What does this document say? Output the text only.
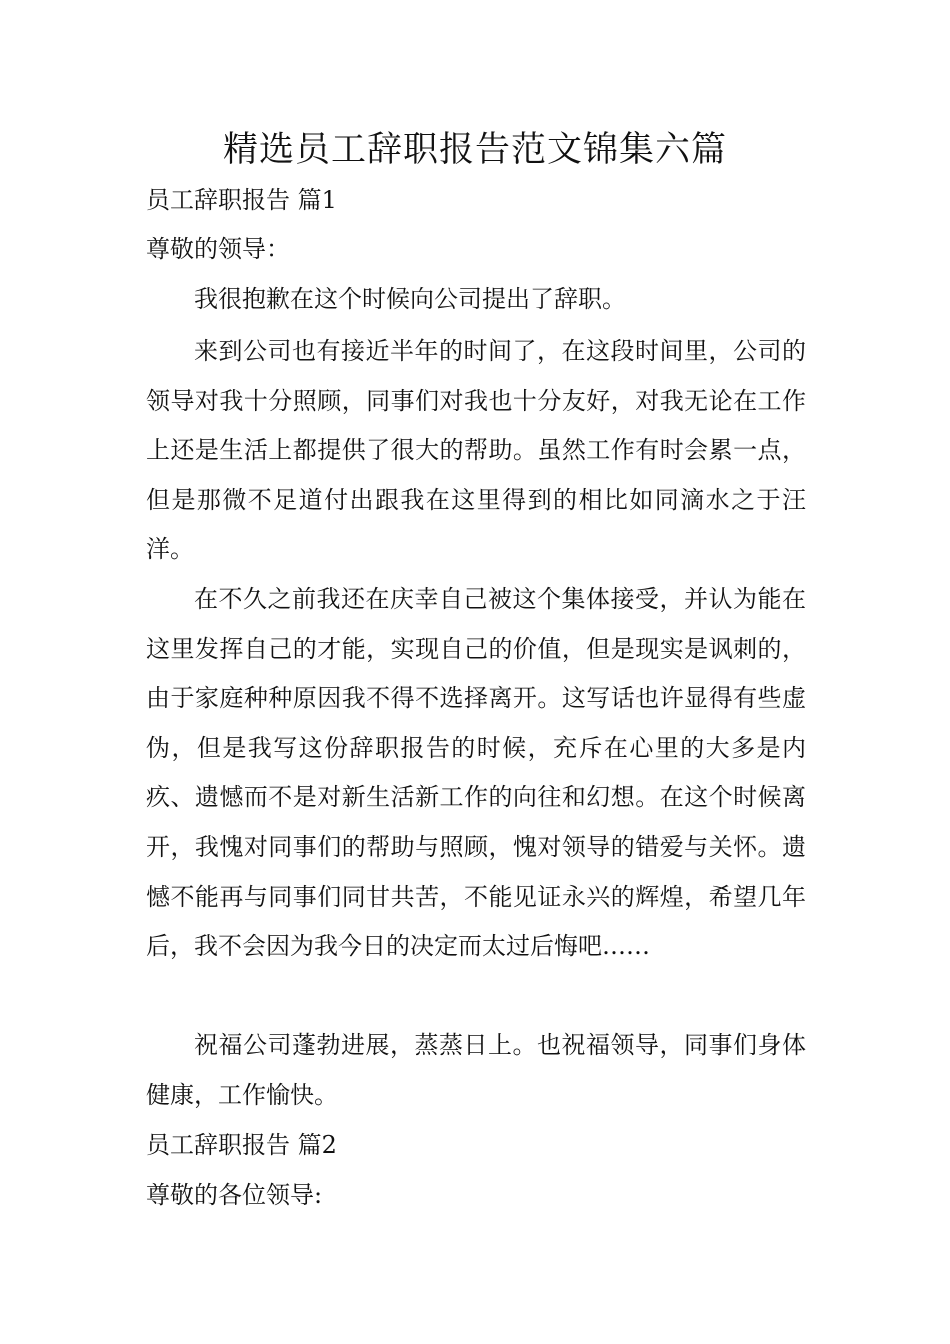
精选员工辞职报告范文锦集六篇

员工辞职报告 篇1

尊敬的领导：

我很抱歉在这个时候向公司提出了辞职。

来到公司也有接近半年的时间了，在这段时间里，公司的领导对我十分照顾，同事们对我也十分友好，对我无论在工作上还是生活上都提供了很大的帮助。虽然工作有时会累一点，但是那微不足道付出跟我在这里得到的相比如同滴水之于汪洋。

在不久之前我还在庆幸自己被这个集体接受，并认为能在这里发挥自己的才能，实现自己的价值，但是现实是讽刺的，由于家庭种种原因我不得不选择离开。这写话也许显得有些虚伪，但是我写这份辞职报告的时候，充斥在心里的大多是内疚、遗憾而不是对新生活新工作的向往和幻想。在这个时候离开，我愧对同事们的帮助与照顾，愧对领导的错爱与关怀。遗憾不能再与同事们同甘共苦，不能见证永兴的辉煌，希望几年后，我不会因为我今日的决定而太过后悔吧……

祝福公司蓬勃进展，蒸蒸日上。也祝福领导，同事们身体健康，工作愉快。

员工辞职报告 篇2

尊敬的各位领导:
